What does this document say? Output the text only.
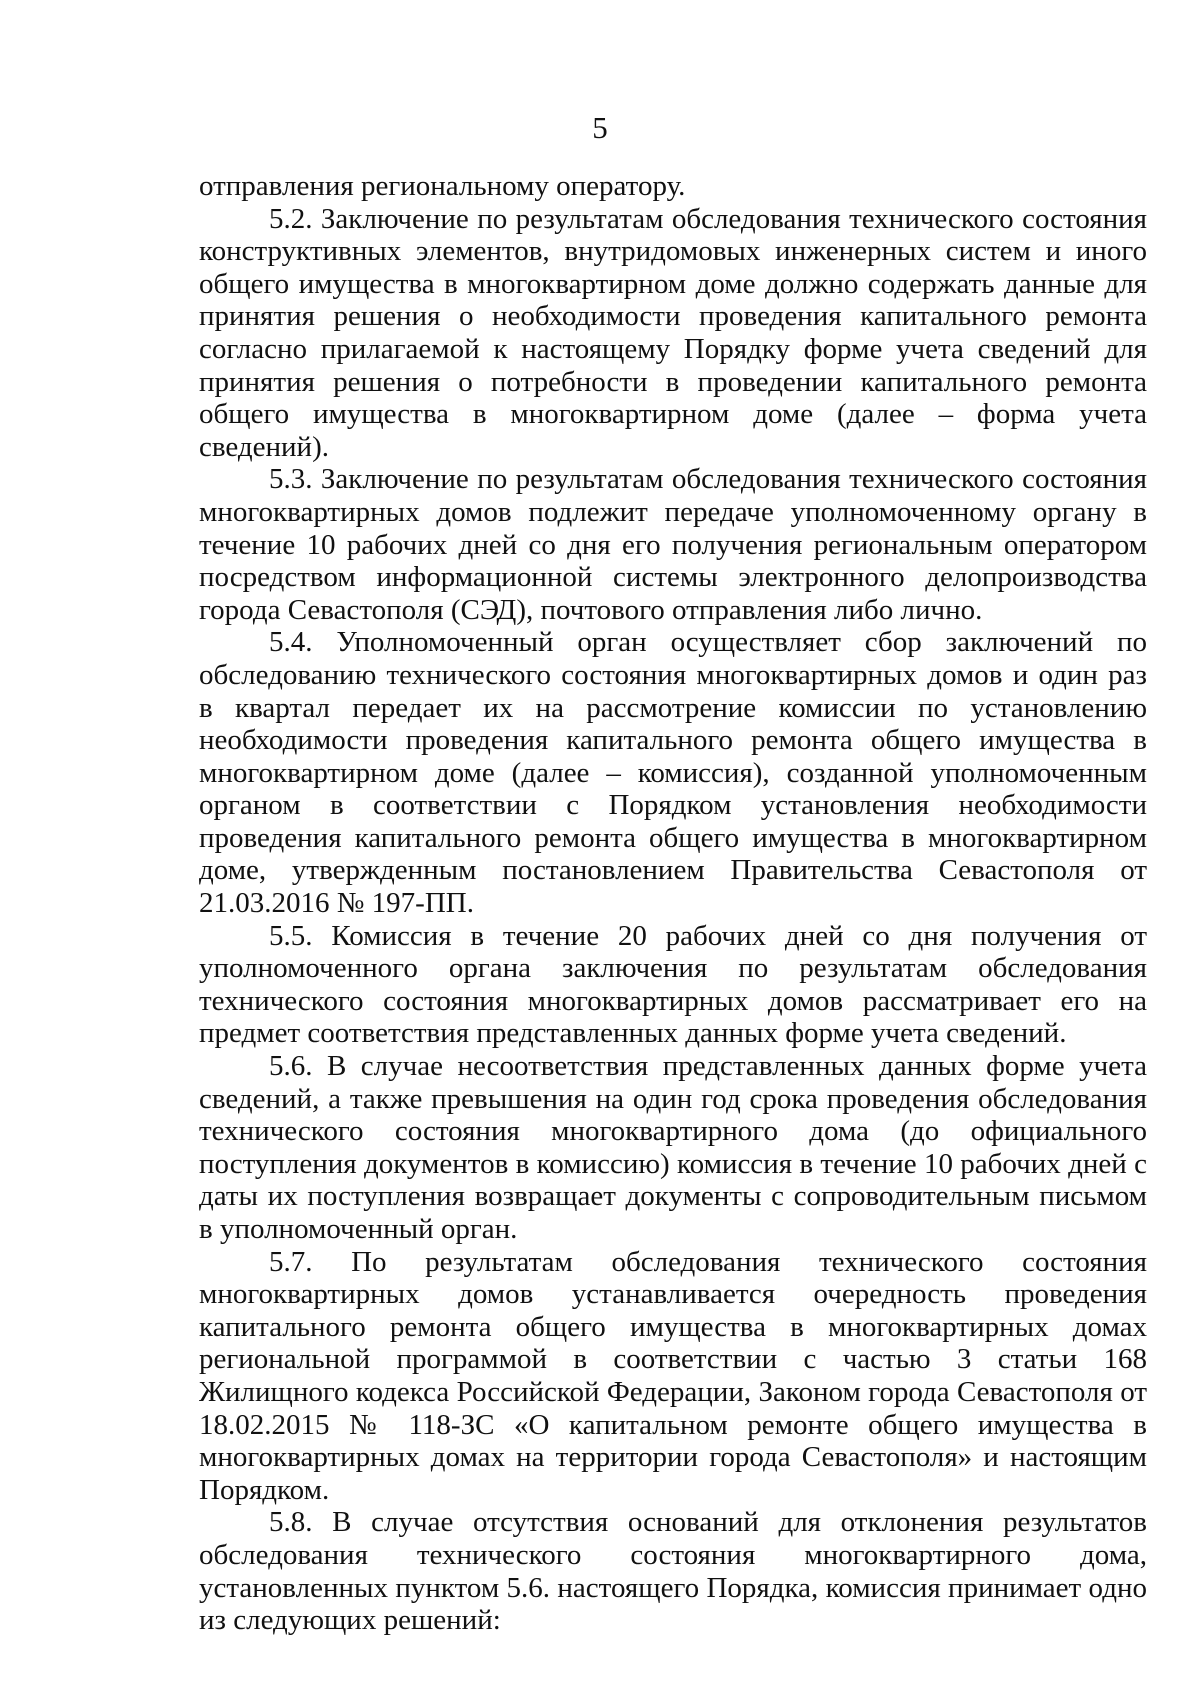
5

отправления региональному оператору.

5.2. Заключение по результатам обследования технического состояния конструктивных элементов, внутридомовых инженерных систем и иного общего имущества в многоквартирном доме должно содержать данные для принятия решения о необходимости проведения капитального ремонта согласно прилагаемой к настоящему Порядку форме учета сведений для принятия решения о потребности в проведении капитального ремонта общего имущества в многоквартирном доме (далее – форма учета сведений).

5.3. Заключение по результатам обследования технического состояния многоквартирных домов подлежит передаче уполномоченному органу в течение 10 рабочих дней со дня его получения региональным оператором посредством информационной системы электронного делопроизводства города Севастополя (СЭД), почтового отправления либо лично.

5.4. Уполномоченный орган осуществляет сбор заключений по обследованию технического состояния многоквартирных домов и один раз в квартал передает их на рассмотрение комиссии по установлению необходимости проведения капитального ремонта общего имущества в многоквартирном доме (далее – комиссия), созданной уполномоченным органом в соответствии с Порядком установления необходимости проведения капитального ремонта общего имущества в многоквартирном доме, утвержденным постановлением Правительства Севастополя от 21.03.2016 № 197-ПП.

5.5. Комиссия в течение 20 рабочих дней со дня получения от уполномоченного органа заключения по результатам обследования технического состояния многоквартирных домов рассматривает его на предмет соответствия представленных данных форме учета сведений.

5.6. В случае несоответствия представленных данных форме учета сведений, а также превышения на один год срока проведения обследования технического состояния многоквартирного дома (до официального поступления документов в комиссию) комиссия в течение 10 рабочих дней с даты их поступления возвращает документы с сопроводительным письмом в уполномоченный орган.

5.7. По результатам обследования технического состояния многоквартирных домов устанавливается очередность проведения капитального ремонта общего имущества в многоквартирных домах региональной программой в соответствии с частью 3 статьи 168 Жилищного кодекса Российской Федерации, Законом города Севастополя от 18.02.2015 № 118-ЗС «О капитальном ремонте общего имущества в многоквартирных домах на территории города Севастополя» и настоящим Порядком.

5.8. В случае отсутствия оснований для отклонения результатов обследования технического состояния многоквартирного дома, установленных пунктом 5.6. настоящего Порядка, комиссия принимает одно из следующих решений:
